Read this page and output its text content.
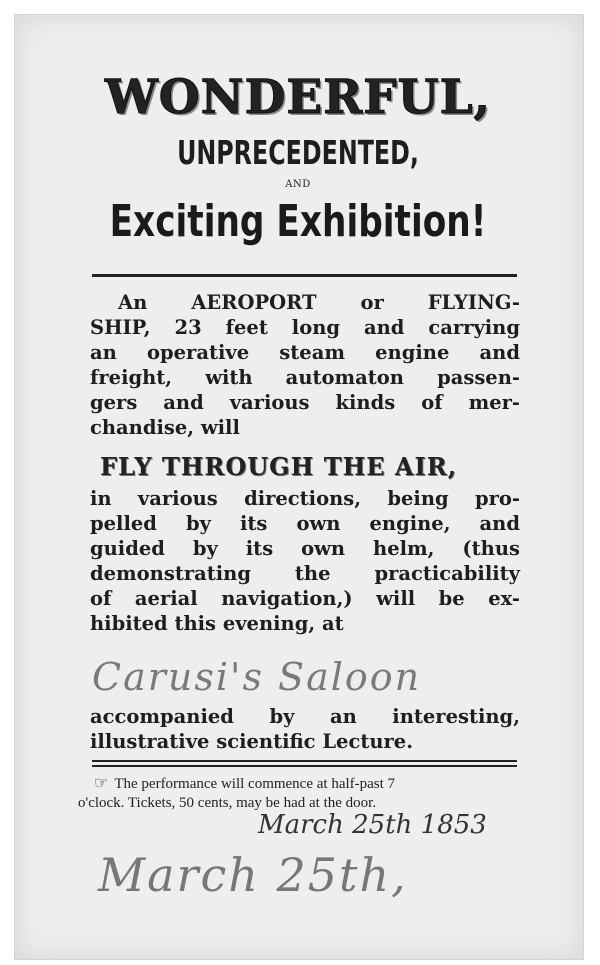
WONDERFUL,
UNPRECEDENTED,
AND
Exciting Exhibition!
An AEROPORT or FLYING-
SHIP, 23 feet long and carrying
an operative steam engine and
freight, with automaton passen-
gers and various kinds of mer-
chandise, will
FLY THROUGH THE AIR,
in various directions, being pro-
pelled by its own engine, and
guided by its own helm, (thus
demonstrating the practicability
of aerial navigation,) will be ex-
hibited this evening, at
Carusi's Saloon
accompanied by an interesting,
illustrative scientific Lecture.
☞ The performance will commence at half-past 7
o'clock. Tickets, 50 cents, may be had at the door.
March 25th 1853
March 25th,
